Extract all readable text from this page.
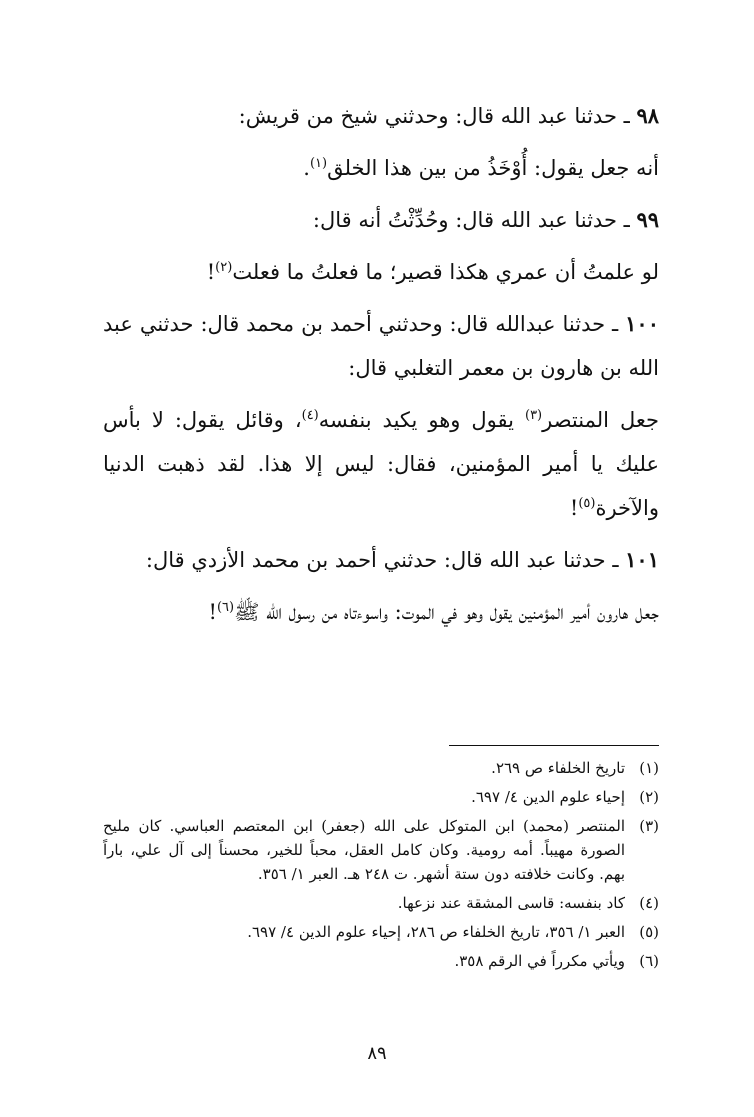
٩٨ ـ حدثنا عبد الله قال: وحدثني شيخ من قريش:

أنه جعل يقول: أُوْخَذُ من بين هذا الخلق$^{(١)}$.

٩٩ ـ حدثنا عبد الله قال: وحُدِّثْتُ أنه قال:

لو علمتُ أن عمري هكذا قصير؛ ما فعلتُ ما فعلت$^{(٢)}$!

١٠٠ ـ حدثنا عبدالله قال: وحدثني أحمد بن محمد قال: حدثني عبد الله بن هارون بن معمر التغلبي قال:

جعل المنتصر$^{(٣)}$ يقول وهو يكيد بنفسه$^{(٤)}$، وقائل يقول: لا بأس عليك يا أمير المؤمنين، فقال: ليس إلا هذا. لقد ذهبت الدنيا والآخرة$^{(٥)}$!

١٠١ ـ حدثنا عبد الله قال: حدثني أحمد بن محمد الأزدي قال:

جعل هارون أمير المؤمنين يقول وهو في الموت: واسوءتاه من رسول الله ﷺ$^{(٦)}$!

(١)
تاريخ الخلفاء ص ٢٦٩.
(٢)
إحياء علوم الدين ٤/ ٦٩٧.
(٣)
المنتصر (محمد) ابن المتوكل على الله (جعفر) ابن المعتصم العباسي. كان مليح الصورة مهيباً. أمه رومية. وكان كامل العقل، محباً للخير، محسناً إلى آل علي، باراً بهم. وكانت خلافته دون ستة أشهر. ت ٢٤٨ هـ. العبر ١/ ٣٥٦.
(٤)
كاد بنفسه: قاسى المشقة عند نزعها.
(٥)
العبر ١/ ٣٥٦، تاريخ الخلفاء ص ٢٨٦، إحياء علوم الدين ٤/ ٦٩٧.
(٦)
ويأتي مكرراً في الرقم ٣٥٨.
٨٩
